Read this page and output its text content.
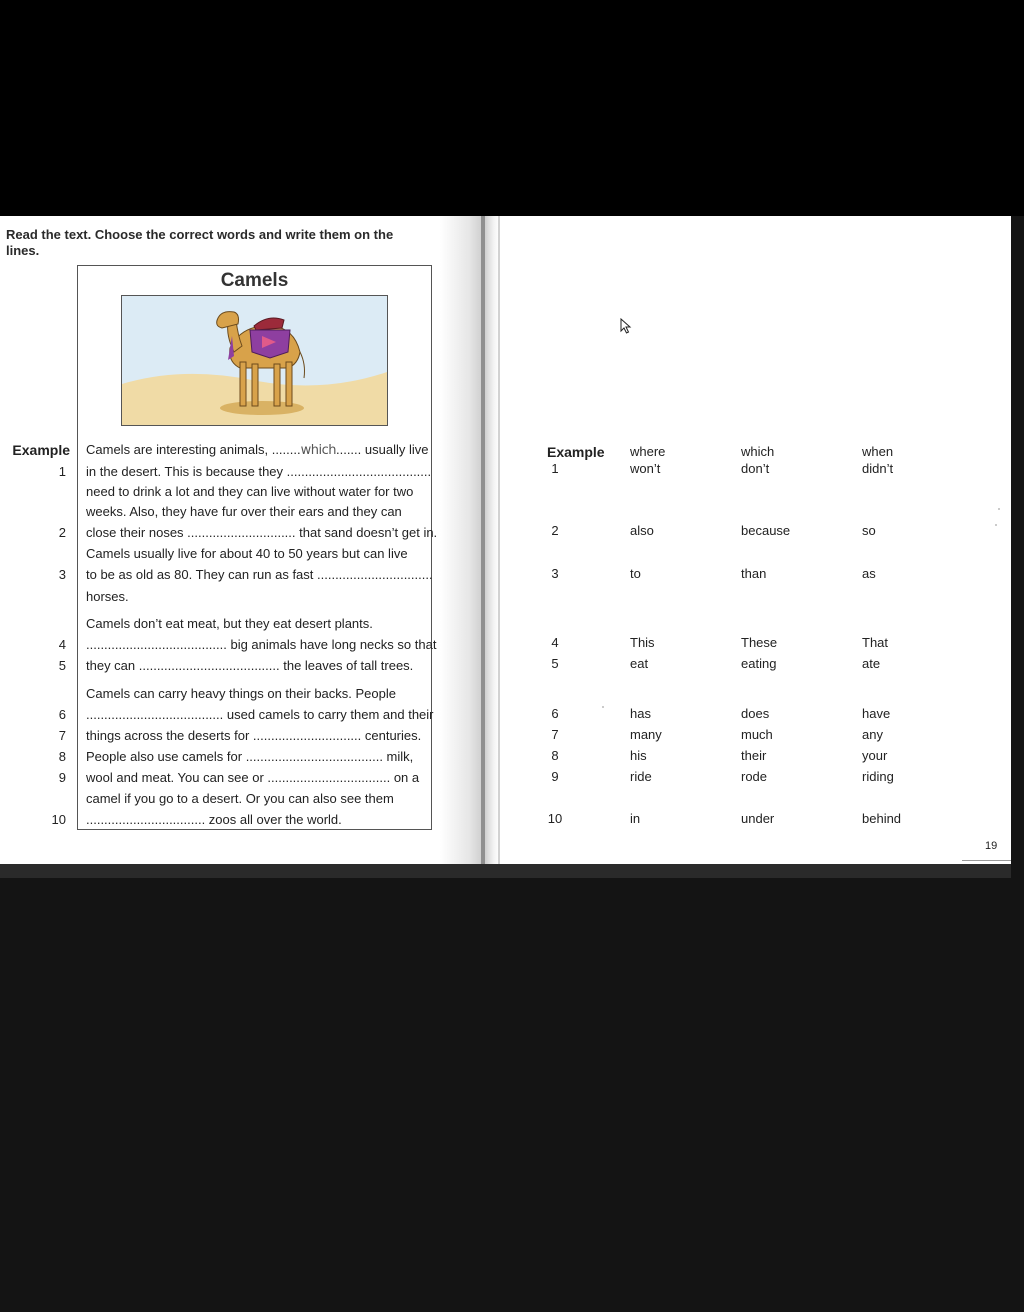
Read the text. Choose the correct words and write them on the lines.

Camels
Example
1
2
3
4
5
6
7
8
9
10
Camels are interesting animals, ........which....... usually live
in the desert. This is because they ........................................
need to drink a lot and they can live without water for two
weeks. Also, they have fur over their ears and they can
close their noses .............................. that sand doesn’t get in.
Camels usually live for about 40 to 50 years but can live
to be as old as 80. They can run as fast ................................
horses.
Camels don’t eat meat, but they eat desert plants.
....................................... big animals have long necks so that
they can ....................................... the leaves of tall trees.
Camels can carry heavy things on their backs. People
...................................... used camels to carry them and their
things across the deserts for .............................. centuries.
People also use camels for ...................................... milk,
wool and meat. You can see or .................................. on a
camel if you go to a desert. Or you can also see them
................................. zoos all over the world.
Example where	which	when
1	won’t	don’t	didn’t
2	also	because	so
3	to	than	as
4	This	These	That
5	eat	eating	ate
6	has	does	have
7	many	much	any
8	his	their	your
9	ride	rode	riding
10	in	under	behind
19
